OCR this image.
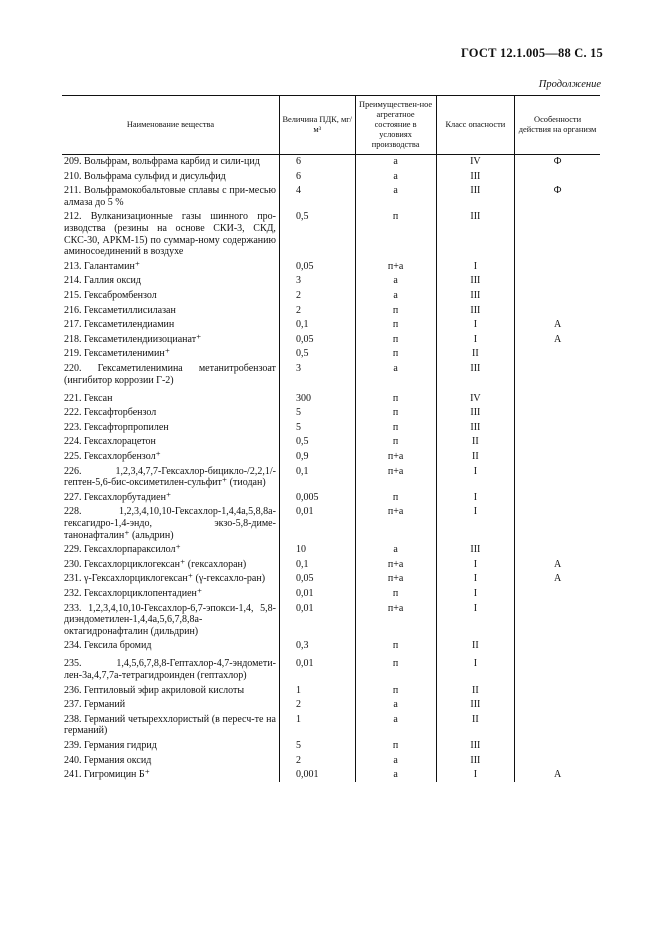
ГОСТ 12.1.005—88 С. 15
Продолжение
Наименование вещества	Величина ПДК, мг/м³	Преимуществен-ное агрегатное состояние в условиях производства	Класс опасности	Особенности действия на организм
209. Вольфрам, вольфрама карбид и сили-цид	6	а	IV	Ф
210. Вольфрама сульфид и дисульфид	6	а	III	
211. Вольфрамокобальтовые сплавы с при-месью алмаза до 5 %	4	а	III	Ф
212. Вулканизационные газы шинного про-изводства (резины на основе СКИ-3, СКД, СКС-30, АРКМ-15) по суммар-ному содержанию аминосоединений в воздухе	0,5	п	III	
213. Галантамин⁺	0,05	п+а	I	
214. Галлия оксид	3	а	III	
215. Гексабромбензол	2	а	III	
216. Гексаметиллисилазан	2	п	III	
217. Гексаметилендиамин	0,1	п	I	А
218. Гексаметилендиизоцианат⁺	0,05	п	I	А
219. Гексаметиленимин⁺	0,5	п	II	
220. Гексаметиленимина метанитробензоат (ингибитор коррозии Г-2)	3	а	III	
221. Гексан	300	п	IV	
222. Гексафторбензол	5	п	III	
223. Гексафторпропилен	5	п	III	
224. Гексахлорацетон	0,5	п	II	
225. Гексахлорбензол⁺	0,9	п+а	II	
226. 1,2,3,4,7,7-Гексахлор-бицикло-/2,2,1/-гептен-5,6-бис-оксиметилен-сульфит⁺ (тиодан)	0,1	п+а	I	
227. Гексахлорбутадиен⁺	0,005	п	I	
228. 1,2,3,4,10,10-Гексахлор-1,4,4а,5,8,8а-гексагидро-1,4-эндо, экзо-5,8-диме-танонафталин⁺ (альдрин)	0,01	п+а	I	
229. Гексахлорпараксилол⁺	10	а	III	
230. Гексахлорциклогексан⁺ (гексахлоран)	0,1	п+а	I	А
231. γ-Гексахлорциклогексан⁺ (γ-гексахло-ран)	0,05	п+а	I	А
232. Гексахлорциклопентадиен⁺	0,01	п	I	
233. 1,2,3,4,10,10-Гексахлор-6,7-эпокси-1,4, 5,8-диэндометилен-1,4,4а,5,6,7,8,8а-октагидронафталин (дильдрин)	0,01	п+а	I	
234. Гексила бромид	0,3	п	II	
235. 1,4,5,6,7,8,8-Гептахлор-4,7-эндомети-лен-3а,4,7,7а-тетрагидроинден (гептахлор)	0,01	п	I	
236. Гептиловый эфир акриловой кислоты	1	п	II	
237. Германий	2	а	III	
238. Германий четыреххлористый (в пересч-те на германий)	1	а	II	
239. Германия гидрид	5	п	III	
240. Германия оксид	2	а	III	
241. Гигромицин Б⁺	0,001	а	I	А
